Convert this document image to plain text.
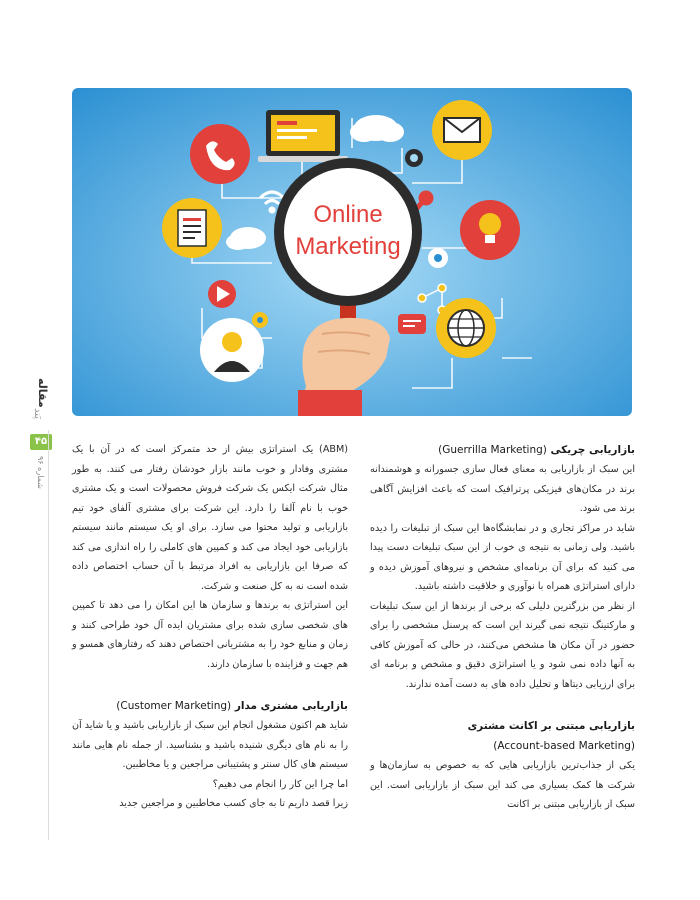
Online
Marketing
مقاله
پَند
۴۵
شماره ۹۶
بازاریابی چریکی (Guerrilla Marketing)

این سبک از بازاریابی به معنای فعال سازی جسورانه و هوشمندانه برند در مکان‌های فیزیکی پرترافیک است که باعث افزایش آگاهی برند می شود.

شاید در مراکز تجاری و در نمایشگاه‌ها این سبک از تبلیغات را دیده باشید. ولی زمانی به نتیجه ی خوب از این سبک تبلیغات دست پیدا می کنید که برای آن برنامه‌ای مشخص و نیروهای آموزش دیده و دارای استراتژی همراه با نوآوری و خلاقیت داشته باشید.

از نظر من بزرگترین دلیلی که برخی از برندها از این سبک تبلیغات و مارکتینگ نتیجه نمی گیرند این است که پرسنل مشخصی را برای حضور در آن مکان ها مشخص می‌کنند، در حالی که آموزش کافی به آنها داده نمی شود و یا استراتژی دقیق و مشخص و برنامه ای برای ارزیابی دیتاها و تحلیل داده های به دست آمده ندارند.

بازاریابی مبتنی بر اکانت مشتری
(Account-based Marketing)

یکی از جذاب‌ترین بازاریابی هایی که به خصوص به سازمان‌ها و شرکت ها کمک بسیاری می کند این سبک از بازاریابی است. این سبک از بازاریابی مبتنی بر اکانت

(ABM) یک استراتژی بیش از حد متمرکز است که در آن با یک مشتری وفادار و خوب مانند بازار خودشان رفتار می کنند. به طور مثال شرکت ایکس یک شرکت فروش محصولات است و یک مشتری خوب با نام آلفا را دارد. این شرکت برای مشتری آلفای خود تیم بازاریابی و تولید محتوا می سازد. برای او یک سیستم مانند سیستم بازاریابی خود ایجاد می کند و کمپین های کاملی را راه اندازی می کند که صرفا این بازاریابی به افراد مرتبط با آن حساب اختصاص داده شده است نه به کل صنعت و شرکت.

این استراتژی به برندها و سازمان ها این امکان را می دهد تا کمپین های شخصی سازی شده برای مشتریان ایده آل خود طراحی کنند و زمان و منابع خود را به مشتریانی اختصاص دهند که رفتارهای همسو و هم جهت و فزاینده با سازمان دارند.

بازاریابی مشتری مدار (Customer Marketing)

شاید هم اکنون مشغول انجام این سبک از بازاریابی باشید و یا شاید آن را به نام های دیگری شنیده باشید و بشناسید. از جمله نام هایی مانند سیستم های کال سنتر و پشتیبانی مراجعین و یا مخاطبین.

اما چرا این کار را انجام می دهیم؟

زیرا قصد داریم تا به جای کسب مخاطبین و مراجعین جدید
